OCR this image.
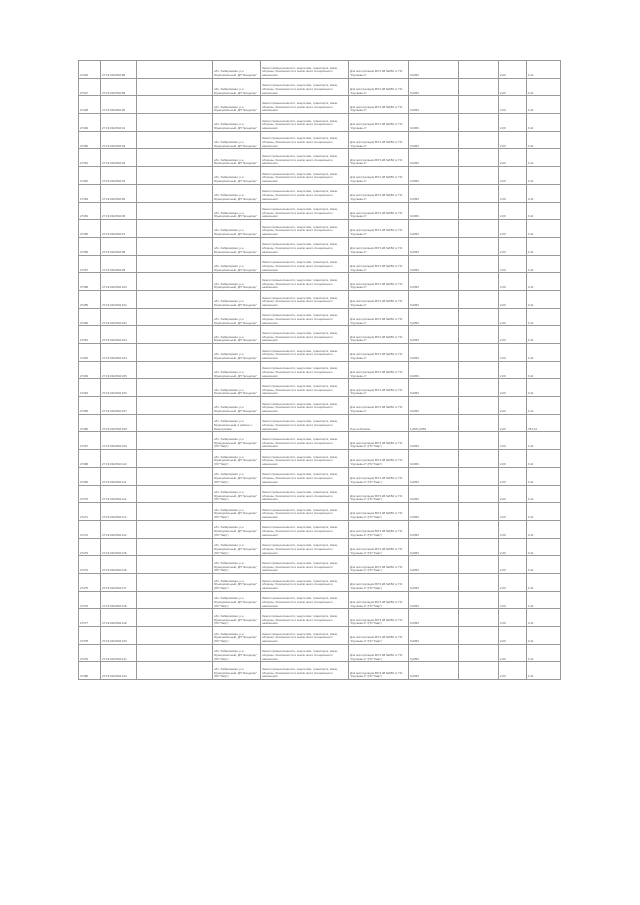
27446	27:19:0110502:88		обл. Хабаровская, р-н Муниципальный, ДП "Ельдигер"	Земли промышленности, энергетики, транспорта, связи, обороны, безопасности и земли иного специального назначения	Для эксплуатации ВЛ 6 кВ №650 от ПС "Кругаево-2"	0,0054		2,00	0,11
27447	27:19:0110502:89		обл. Хабаровская, р-н Муниципальный, ДП "Ельдигер"	Земли промышленности, энергетики, транспорта, связи, обороны, безопасности и земли иного специального назначения	Для эксплуатации ВЛ 6 кВ №650 от ПС "Кругаево-2"	0,0054		2,00	0,11
27448	27:19:0110502:90		обл. Хабаровская, р-н Муниципальный, ДП "Ельдигер"	Земли промышленности, энергетики, транспорта, связи, обороны, безопасности и земли иного специального назначения	Для эксплуатации ВЛ 6 кВ №650 от ПС "Кругаево-2"	0,0054		2,00	0,11
27449	27:19:0110502:91		обл. Хабаровская, р-н Муниципальный, ДП "Ельдигер"	Земли промышленности, энергетики, транспорта, связи, обороны, безопасности и земли иного специального назначения	Для эксплуатации ВЛ 6 кВ №650 от ПС "Кругаево-2"	0,0054		2,00	0,11
27450	27:19:0110502:92		обл. Хабаровская, р-н Муниципальный, ДП "Ельдигер"	Земли промышленности, энергетики, транспорта, связи, обороны, безопасности и земли иного специального назначения	Для эксплуатации ВЛ 6 кВ №650 от ПС "Кругаево-2"	0,0054		2,00	0,11
27451	27:19:0110502:93		обл. Хабаровская, р-н Муниципальный, ДП "Ельдигер"	Земли промышленности, энергетики, транспорта, связи, обороны, безопасности и земли иного специального назначения	Для эксплуатации ВЛ 6 кВ №650 от ПС "Кругаево-2"	0,0054		2,00	0,11
27452	27:19:0110502:94		обл. Хабаровская, р-н Муниципальный, ДП "Ельдигер"	Земли промышленности, энергетики, транспорта, связи, обороны, безопасности и земли иного специального назначения	Для эксплуатации ВЛ 6 кВ №650 от ПС "Кругаево-2"	0,0054		2,00	0,11
27453	27:19:0110502:95		обл. Хабаровская, р-н Муниципальный, ДП "Ельдигер"	Земли промышленности, энергетики, транспорта, связи, обороны, безопасности и земли иного специального назначения	Для эксплуатации ВЛ 6 кВ №650 от ПС "Кругаево-2"	0,0054		2,00	0,11
27454	27:19:0110502:96		обл. Хабаровская, р-н Муниципальный, ДП "Ельдигер"	Земли промышленности, энергетики, транспорта, связи, обороны, безопасности и земли иного специального назначения	Для эксплуатации ВЛ 6 кВ №650 от ПС "Кругаево-2"	0,0054		2,00	0,11
27455	27:19:0110502:97		обл. Хабаровская, р-н Муниципальный, ДП "Ельдигер"	Земли промышленности, энергетики, транспорта, связи, обороны, безопасности и земли иного специального назначения	Для эксплуатации ВЛ 6 кВ №650 от ПС "Кругаево-2"	0,0054		2,00	0,11
27456	27:19:0110502:98		обл. Хабаровская, р-н Муниципальный, ДП "Ельдигер"	Земли промышленности, энергетики, транспорта, связи, обороны, безопасности и земли иного специального назначения	Для эксплуатации ВЛ 6 кВ №650 от ПС "Кругаево-2"	0,0054		2,00	0,11
27457	27:19:0110502:99		обл. Хабаровская, р-н Муниципальный, ДП "Ельдигер"	Земли промышленности, энергетики, транспорта, связи, обороны, безопасности и земли иного специального назначения	Для эксплуатации ВЛ 6 кВ №650 от ПС "Кругаево-2"	0,0054		2,00	0,11
27458	27:19:0110502:100		обл. Хабаровская, р-н Муниципальный, ДП "Ельдигер"	Земли промышленности, энергетики, транспорта, связи, обороны, безопасности и земли иного специального назначения	Для эксплуатации ВЛ 6 кВ №650 от ПС "Кругаево-2"	0,0054		2,00	0,11
27459	27:19:0110502:101		обл. Хабаровская, р-н Муниципальный, ДП "Ельдигер"	Земли промышленности, энергетики, транспорта, связи, обороны, безопасности и земли иного специального назначения	Для эксплуатации ВЛ 6 кВ №650 от ПС "Кругаево-2"	0,0054		2,00	0,11
27460	27:19:0110502:102		обл. Хабаровская, р-н Муниципальный, ДП "Ельдигер"	Земли промышленности, энергетики, транспорта, связи, обороны, безопасности и земли иного специального назначения	Для эксплуатации ВЛ 6 кВ №650 от ПС "Кругаево-2"	0,0054		2,00	0,11
27461	27:19:0110502:103		обл. Хабаровская, р-н Муниципальный, ДП "Ельдигер"	Земли промышленности, энергетики, транспорта, связи, обороны, безопасности и земли иного специального назначения	Для эксплуатации ВЛ 6 кВ №650 от ПС "Кругаево-2"	0,0054		2,00	0,11
27462	27:19:0110502:104		обл. Хабаровская, р-н Муниципальный, ДП "Ельдигер"	Земли промышленности, энергетики, транспорта, связи, обороны, безопасности и земли иного специального назначения	Для эксплуатации ВЛ 6 кВ №650 от ПС "Кругаево-2"	0,0054		2,00	0,11
27463	27:19:0110502:105		обл. Хабаровская, р-н Муниципальный, ДП "Ельдигер"	Земли промышленности, энергетики, транспорта, связи, обороны, безопасности и земли иного специального назначения	Для эксплуатации ВЛ 6 кВ №650 от ПС "Кругаево-2"	0,0054		2,00	0,11
27464	27:19:0110502:106		обл. Хабаровская, р-н Муниципальный, ДП "Ельдигер"	Земли промышленности, энергетики, транспорта, связи, обороны, безопасности и земли иного специального назначения	Для эксплуатации ВЛ 6 кВ №650 от ПС "Кругаево-2"	0,0054		2,00	0,11
27465	27:19:0110502:107		обл. Хабаровская, р-н Муниципальный, ДП "Ельдигер"	Земли промышленности, энергетики, транспорта, связи, обороны, безопасности и земли иного специального назначения	Для эксплуатации ВЛ 6 кВ №650 от ПС "Кругаево-2"	0,0054		2,00	0,11
27466	27:19:0110502:108		обл. Хабаровская, р-н Муниципальный, в районе с. Мокроусовка	Земли промышленности, энергетики, транспорта, связи, обороны, безопасности и земли иного специального назначения	Под хозблоком	1,0541,0053		2,00	781,44
27467	27:19:0110502:109		обл. Хабаровская, р-н Муниципальный, ДП "Ельдигер" (ПС"Тавр")	Земли промышленности, энергетики, транспорта, связи, обороны, безопасности и земли иного специального назначения	Для эксплуатации ВЛ 6 кВ №650 от ПС "Кругаево-2" (ПС"Тавр")	0,0054		2,00	0,11
27468	27:19:0110502:110		обл. Хабаровская, р-н Муниципальный, ДП "Ельдигер" (ПС"Тавр")	Земли промышленности, энергетики, транспорта, связи, обороны, безопасности и земли иного специального назначения	Для эксплуатации ВЛ 6 кВ №650 от ПС "Кругаево-2" (ПС"Тавр")	0,0054		2,00	0,11
27469	27:19:0110502:111		обл. Хабаровская, р-н Муниципальный, ДП "Ельдигер" (ПС"Тавр")	Земли промышленности, энергетики, транспорта, связи, обороны, безопасности и земли иного специального назначения	Для эксплуатации ВЛ 6 кВ №650 от ПС "Кругаево-2" (ПС"Тавр")	0,0054		2,00	0,11
27470	27:19:0110502:112		обл. Хабаровская, р-н Муниципальный, ДП "Ельдигер" (ПС"Тавр")	Земли промышленности, энергетики, транспорта, связи, обороны, безопасности и земли иного специального назначения	Для эксплуатации ВЛ 6 кВ №650 от ПС "Кругаево-2" (ПС"Тавр")	0,0054		2,00	0,11
27471	27:19:0110502:113		обл. Хабаровская, р-н Муниципальный, ДП "Ельдигер" (ПС"Тавр")	Земли промышленности, энергетики, транспорта, связи, обороны, безопасности и земли иного специального назначения	Для эксплуатации ВЛ 6 кВ №650 от ПС "Кругаево-2" (ПС"Тавр")	0,0054		2,00	0,11
27472	27:19:0110502:114		обл. Хабаровская, р-н Муниципальный, ДП "Ельдигер" (ПС"Тавр")	Земли промышленности, энергетики, транспорта, связи, обороны, безопасности и земли иного специального назначения	Для эксплуатации ВЛ 6 кВ №650 от ПС "Кругаево-2" (ПС"Тавр")	0,0054		2,00	0,11
27473	27:19:0110502:115		обл. Хабаровская, р-н Муниципальный, ДП "Ельдигер" (ПС"Тавр")	Земли промышленности, энергетики, транспорта, связи, обороны, безопасности и земли иного специального назначения	Для эксплуатации ВЛ 6 кВ №650 от ПС "Кругаево-2" (ПС"Тавр")	0,0054		2,00	0,11
27474	27:19:0110502:116		обл. Хабаровская, р-н Муниципальный, ДП "Ельдигер" (ПС"Тавр")	Земли промышленности, энергетики, транспорта, связи, обороны, безопасности и земли иного специального назначения	Для эксплуатации ВЛ 6 кВ №650 от ПС "Кругаево-2" (ПС"Тавр")	0,0054		2,00	0,11
27475	27:19:0110502:117		обл. Хабаровская, р-н Муниципальный, ДП "Ельдигер" (ПС"Тавр")	Земли промышленности, энергетики, транспорта, связи, обороны, безопасности и земли иного специального назначения	Для эксплуатации ВЛ 6 кВ №650 от ПС "Кругаево-2" (ПС"Тавр")	0,0054		2,00	0,11
27476	27:19:0110502:118		обл. Хабаровская, р-н Муниципальный, ДП "Ельдигер" (ПС"Тавр")	Земли промышленности, энергетики, транспорта, связи, обороны, безопасности и земли иного специального назначения	Для эксплуатации ВЛ 6 кВ №650 от ПС "Кругаево-2" (ПС"Тавр")	0,0054		2,00	0,11
27477	27:19:0110502:119		обл. Хабаровская, р-н Муниципальный, ДП "Ельдигер" (ПС"Тавр")	Земли промышленности, энергетики, транспорта, связи, обороны, безопасности и земли иного специального назначения	Для эксплуатации ВЛ 6 кВ №650 от ПС "Кругаево-2" (ПС"Тавр")	0,0054		2,00	0,11
27478	27:19:0110502:120		обл. Хабаровская, р-н Муниципальный, ДП "Ельдигер" (ПС"Тавр")	Земли промышленности, энергетики, транспорта, связи, обороны, безопасности и земли иного специального назначения	Для эксплуатации ВЛ 6 кВ №650 от ПС "Кругаево-2" (ПС"Тавр")	0,0054		2,00	0,11
27479	27:19:0110502:121		обл. Хабаровская, р-н Муниципальный, ДП "Ельдигер" (ПС"Тавр")	Земли промышленности, энергетики, транспорта, связи, обороны, безопасности и земли иного специального назначения	Для эксплуатации ВЛ 6 кВ №650 от ПС "Кругаево-2" (ПС"Тавр")	0,0054		2,00	0,11
27480	27:19:0110502:122		обл. Хабаровская, р-н Муниципальный, ДП "Ельдигер" (ПС"Тавр")	Земли промышленности, энергетики, транспорта, связи, обороны, безопасности и земли иного специального назначения	Для эксплуатации ВЛ 6 кВ №650 от ПС "Кругаево-2" (ПС"Тавр")	0,0054		2,00	0,11
